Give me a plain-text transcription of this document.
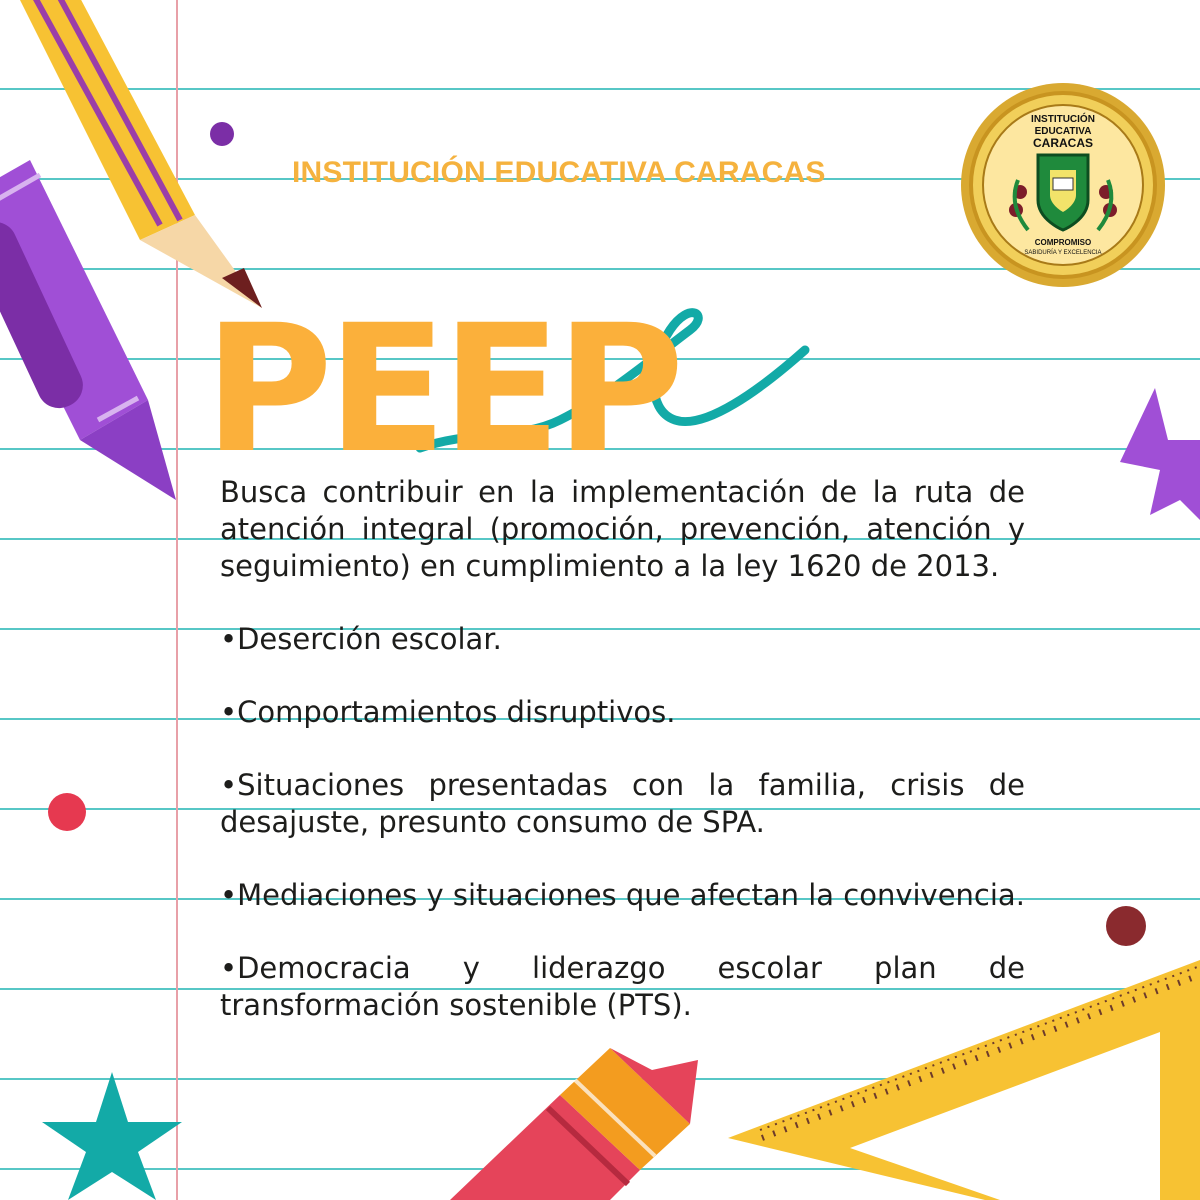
INSTITUCIÓN EDUCATIVA CARACAS
INSTITUCIÓN
EDUCATIVA
CARACAS
COMPROMISO
SABIDURÍA Y EXCELENCIA
PEEP

Busca contribuir en la implementación de la ruta de atención integral (promoción, prevención, atención y seguimiento) en cumplimiento a la ley 1620 de 2013.

•Deserción escolar.

•Comportamientos disruptivos.

•Situaciones presentadas con la familia, crisis de desajuste, presunto consumo de SPA.

•Mediaciones y situaciones que afectan la convivencia.

•Democracia y liderazgo escolar plan de transformación sostenible (PTS).
